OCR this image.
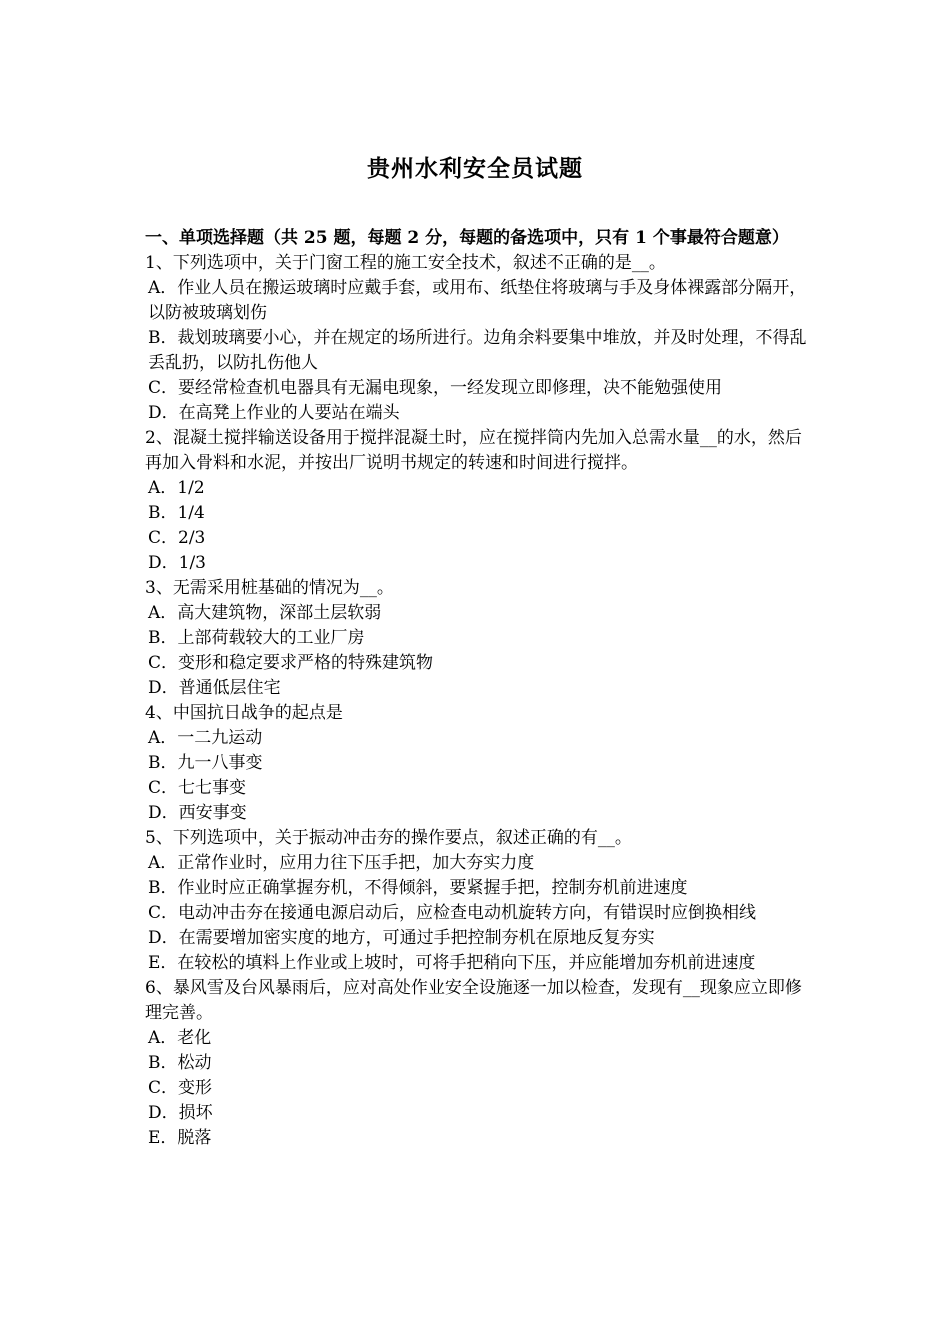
贵州水利安全员试题
一、单项选择题（共 25 题，每题 2 分，每题的备选项中，只有 1 个事最符合题意）
1、下列选项中，关于门窗工程的施工安全技术，叙述不正确的是__。
A．作业人员在搬运玻璃时应戴手套，或用布、纸垫住将玻璃与手及身体裸露部分隔开，以防被玻璃划伤
B．裁划玻璃要小心，并在规定的场所进行。边角余料要集中堆放，并及时处理，不得乱丢乱扔，以防扎伤他人
C．要经常检查机电器具有无漏电现象，一经发现立即修理，决不能勉强使用
D．在高凳上作业的人要站在端头
2、混凝土搅拌输送设备用于搅拌混凝土时，应在搅拌筒内先加入总需水量__的水，然后再加入骨料和水泥，并按出厂说明书规定的转速和时间进行搅拌。
A．1/2
B．1/4
C．2/3
D．1/3
3、无需采用桩基础的情况为__。
A．高大建筑物，深部土层软弱
B．上部荷载较大的工业厂房
C．变形和稳定要求严格的特殊建筑物
D．普通低层住宅
4、中国抗日战争的起点是
A．一二九运动
B．九一八事变
C．七七事变
D．西安事变
5、下列选项中，关于振动冲击夯的操作要点，叙述正确的有__。
A．正常作业时，应用力往下压手把，加大夯实力度
B．作业时应正确掌握夯机，不得倾斜，要紧握手把，控制夯机前进速度
C．电动冲击夯在接通电源启动后，应检查电动机旋转方向，有错误时应倒换相线
D．在需要增加密实度的地方，可通过手把控制夯机在原地反复夯实
E．在较松的填料上作业或上坡时，可将手把稍向下压，并应能增加夯机前进速度
6、暴风雪及台风暴雨后，应对高处作业安全设施逐一加以检查，发现有__现象应立即修理完善。
A．老化
B．松动
C．变形
D．损坏
E．脱落
